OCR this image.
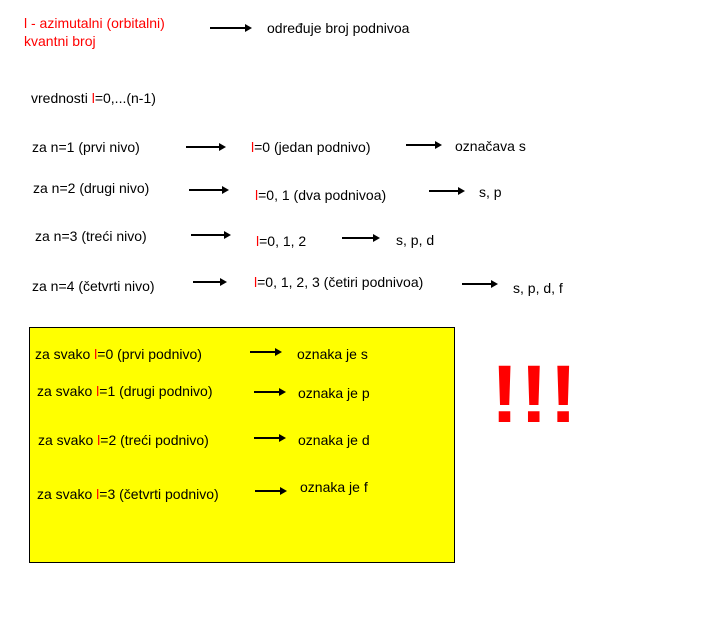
l - azimutalni (orbitalni)
kvantni broj
određuje broj podnivoa
vrednosti l=0,...(n-1)
za n=1 (prvi nivo)	l=0 (jedan podnivo)	označava s
za n=2 (drugi nivo)	l=0, 1 (dva podnivoa)	s, p
za n=3 (treći nivo)	l=0, 1, 2	s, p, d
za n=4 (četvrti nivo)	l=0, 1, 2, 3 (četiri podnivoa)	s, p, d, f
za svako l=0 (prvi podnivo)	oznaka je s
za svako l=1 (drugi podnivo)	oznaka je p
za svako l=2 (treći podnivo)	oznaka je d
za svako l=3 (četvrti podnivo)	oznaka je f
!!!
